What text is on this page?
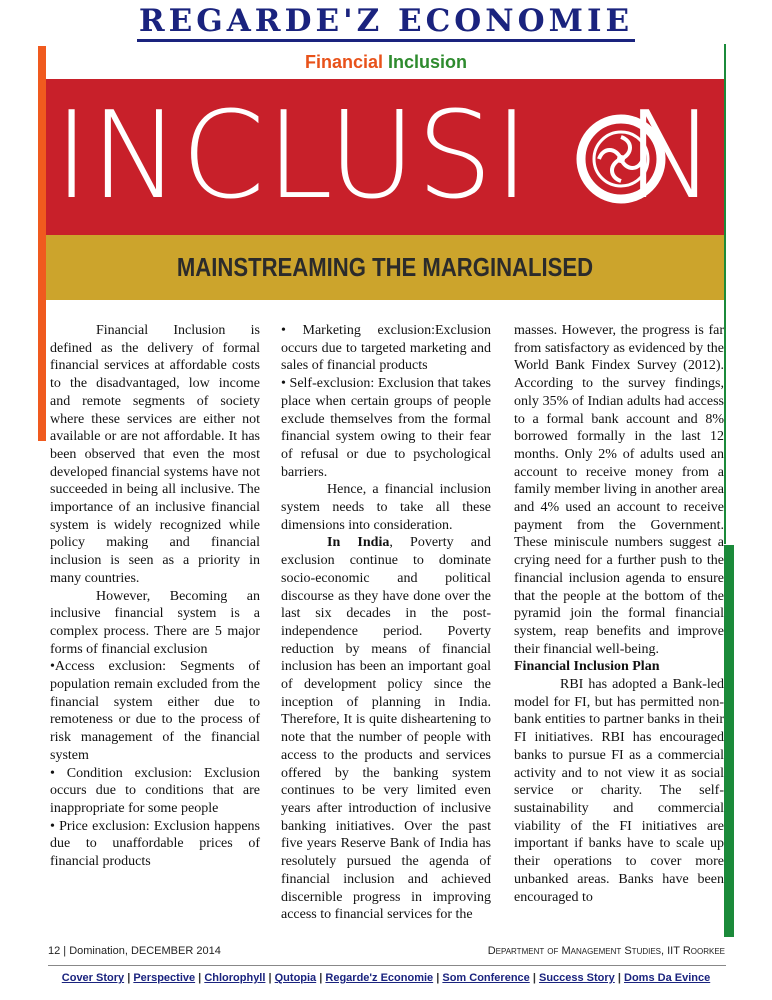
REGARDE'Z ECONOMIE
Financial Inclusion
INCLUSI N
MAINSTREAMING THE MARGINALISED

Financial Inclusion is defined as the delivery of formal financial services at affordable costs to the disadvantaged, low income and remote segments of society where these services are either not available or are not affordable. It has been observed that even the most developed financial systems have not succeeded in being all inclusive. The importance of an inclusive financial system is widely recognized while policy making and financial inclusion is seen as a priority in many countries.

However, Becoming an inclusive financial system is a complex process. There are 5 major forms of financial exclusion

•Access exclusion: Segments of population remain excluded from the financial system either due to remoteness or due to the process of risk management of the financial system

• Condition exclusion: Exclusion occurs due to conditions that are inappropriate for some people

• Price exclusion: Exclusion happens due to unaffordable prices of financial products

• Marketing exclusion:Exclusion occurs due to targeted marketing and sales of financial products

• Self-exclusion: Exclusion that takes place when certain groups of people exclude themselves from the formal financial system owing to their fear of refusal or due to psychological barriers.

Hence, a financial inclusion system needs to take all these dimensions into consideration.

In India, Poverty and exclusion continue to dominate socio-economic and political discourse as they have done over the last six decades in the post-independence period. Poverty reduction by means of financial inclusion has been an important goal of development policy since the inception of planning in India. Therefore, It is quite disheartening to note that the number of people with access to the products and services offered by the banking system continues to be very limited even years after introduction of inclusive banking initiatives. Over the past five years Reserve Bank of India has resolutely pursued the agenda of financial inclusion and achieved discernible progress in improving access to financial services for the

masses. However, the progress is far from satisfactory as evidenced by the World Bank Findex Survey (2012). According to the survey findings, only 35% of Indian adults had access to a formal bank account and 8% borrowed formally in the last 12 months. Only 2% of adults used an account to receive money from a family member living in another area and 4% used an account to receive payment from the Government. These miniscule numbers suggest a crying need for a further push to the financial inclusion agenda to ensure that the people at the bottom of the pyramid join the formal financial system, reap benefits and improve their financial well-being.

Financial Inclusion Plan

RBI has adopted a Bank-led model for FI, but has permitted non-bank entities to partner banks in their FI initiatives. RBI has encouraged banks to pursue FI as a commercial activity and to not view it as social service or charity. The self-sustainability and commercial viability of the FI initiatives are important if banks have to scale up their operations to cover more unbanked areas. Banks have been encouraged to

12 | Domination, DECEMBER 2014	Department of Management Studies, IIT Roorkee
Cover Story | Perspective | Chlorophyll | Qutopia | Regarde'z Economie | Som Conference | Success Story | Doms Da Evince
